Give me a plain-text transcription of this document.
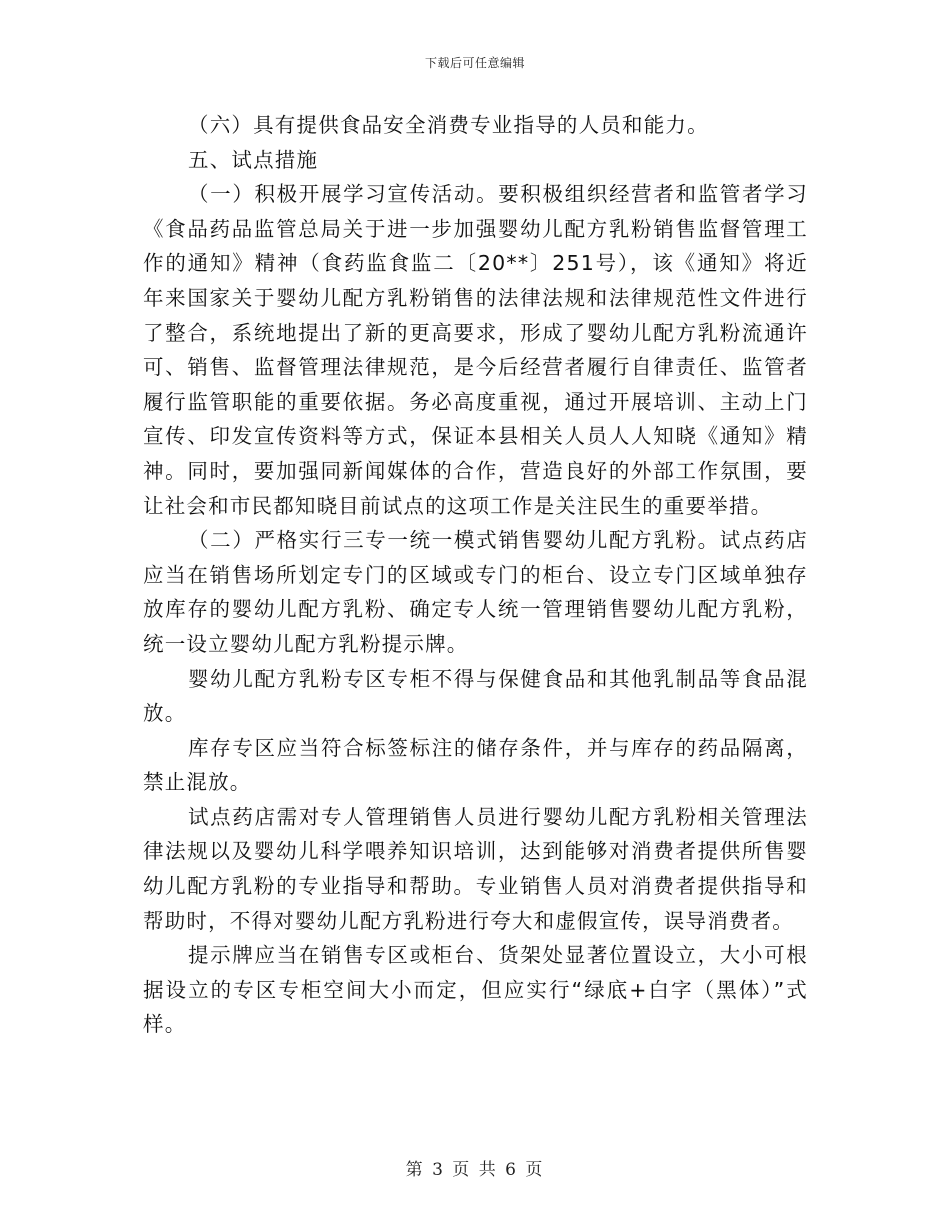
下载后可任意编辑

（六）具有提供食品安全消费专业指导的人员和能力。

五、试点措施

（一）积极开展学习宣传活动。要积极组织经营者和监管者学习《食品药品监管总局关于进一步加强婴幼儿配方乳粉销售监督管理工作的通知》精神（食药监食监二〔20**〕251号），该《通知》将近年来国家关于婴幼儿配方乳粉销售的法律法规和法律规范性文件进行了整合，系统地提出了新的更高要求，形成了婴幼儿配方乳粉流通许可、销售、监督管理法律规范，是今后经营者履行自律责任、监管者履行监管职能的重要依据。务必高度重视，通过开展培训、主动上门宣传、印发宣传资料等方式，保证本县相关人员人人知晓《通知》精神。同时，要加强同新闻媒体的合作，营造良好的外部工作氛围，要让社会和市民都知晓目前试点的这项工作是关注民生的重要举措。

（二）严格实行三专一统一模式销售婴幼儿配方乳粉。试点药店应当在销售场所划定专门的区域或专门的柜台、设立专门区域单独存放库存的婴幼儿配方乳粉、确定专人统一管理销售婴幼儿配方乳粉，统一设立婴幼儿配方乳粉提示牌。

婴幼儿配方乳粉专区专柜不得与保健食品和其他乳制品等食品混放。

库存专区应当符合标签标注的储存条件，并与库存的药品隔离，禁止混放。

试点药店需对专人管理销售人员进行婴幼儿配方乳粉相关管理法律法规以及婴幼儿科学喂养知识培训，达到能够对消费者提供所售婴幼儿配方乳粉的专业指导和帮助。专业销售人员对消费者提供指导和帮助时，不得对婴幼儿配方乳粉进行夸大和虚假宣传，误导消费者。

提示牌应当在销售专区或柜台、货架处显著位置设立，大小可根据设立的专区专柜空间大小而定，但应实行“绿底+白字（黑体）”式样。

第 3 页 共 6 页
